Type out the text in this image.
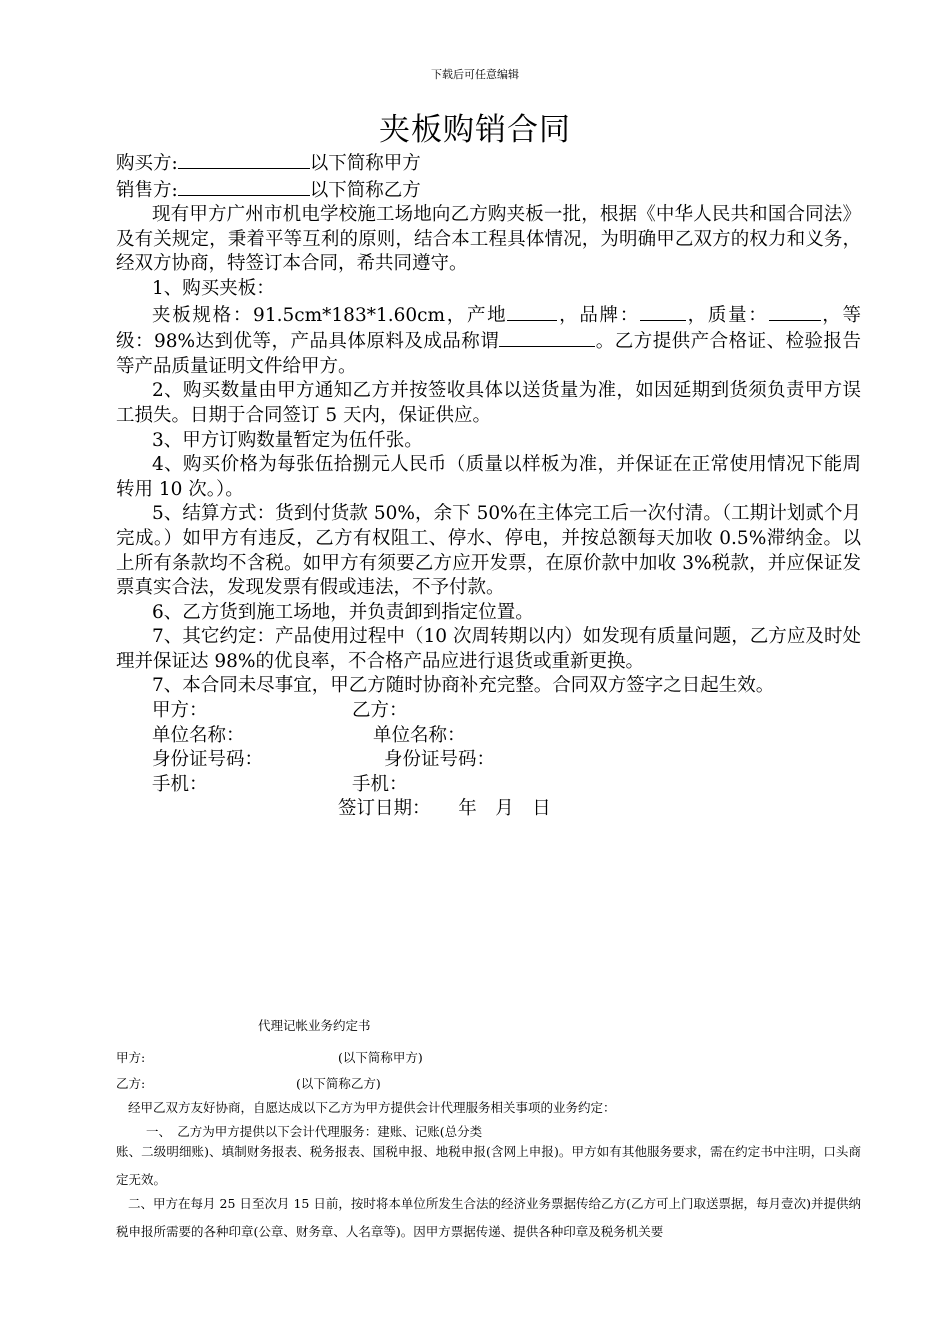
下载后可任意编辑
夹板购销合同

购买方:	以下简称甲方

销售方:	以下简称乙方

现有甲方广州市机电学校施工场地向乙方购夹板一批，根据《中华人民共和国合同法》及有关规定，秉着平等互利的原则，结合本工程具体情况，为明确甲乙双方的权力和义务，经双方协商，特签订本合同，希共同遵守。

1、购买夹板：

夹板规格：91.5cm*183*1.60cm，产地	，品牌： ，质量：	，等级：98%达到优等，产品具体原料及成品称谓	。乙方提供产合格证、检验报告等产品质量证明文件给甲方。

2、购买数量由甲方通知乙方并按签收具体以送货量为准，如因延期到货须负责甲方误工损失。日期于合同签订 5 天内，保证供应。

3、甲方订购数量暂定为伍仟张。

4、购买价格为每张伍拾捌元人民币（质量以样板为准，并保证在正常使用情况下能周转用 10 次。）。

5、结算方式：货到付货款 50%，余下 50%在主体完工后一次付清。（工期计划贰个月完成。）如甲方有违反，乙方有权阻工、停水、停电，并按总额每天加收 0.5%滞纳金。以上所有条款均不含税。如甲方有须要乙方应开发票，在原价款中加收 3%税款，并应保证发票真实合法，发现发票有假或违法，不予付款。

6、乙方货到施工场地，并负责卸到指定位置。

7、其它约定：产品使用过程中（10 次周转期以内）如发现有质量问题，乙方应及时处理并保证达 98%的优良率，不合格产品应进行退货或重新更换。

7、本合同未尽事宜，甲乙方随时协商补充完整。合同双方签字之日起生效。

甲方：	乙方：
单位名称：	单位名称：
身份证号码：	身份证号码：
手机：	手机：
签订日期：　　年　月　日
代理记帐业务约定书
甲方:	(以下简称甲方)
乙方:	(以下简称乙方)
经甲乙双方友好协商，自愿达成以下乙方为甲方提供会计代理服务相关事项的业务约定：
一、　乙方为甲方提供以下会计代理服务：建账、记账(总分类

账、二级明细账)、填制财务报表、税务报表、国税申报、地税申报(含网上申报)。甲方如有其他服务要求，需在约定书中注明，口头商定无效。

二、甲方在每月 25 日至次月 15 日前，按时将本单位所发生合法的经济业务票据传给乙方(乙方可上门取送票据，每月壹次)并提供纳税申报所需要的各种印章(公章、财务章、人名章等)。因甲方票据传递、提供各种印章及税务机关要
